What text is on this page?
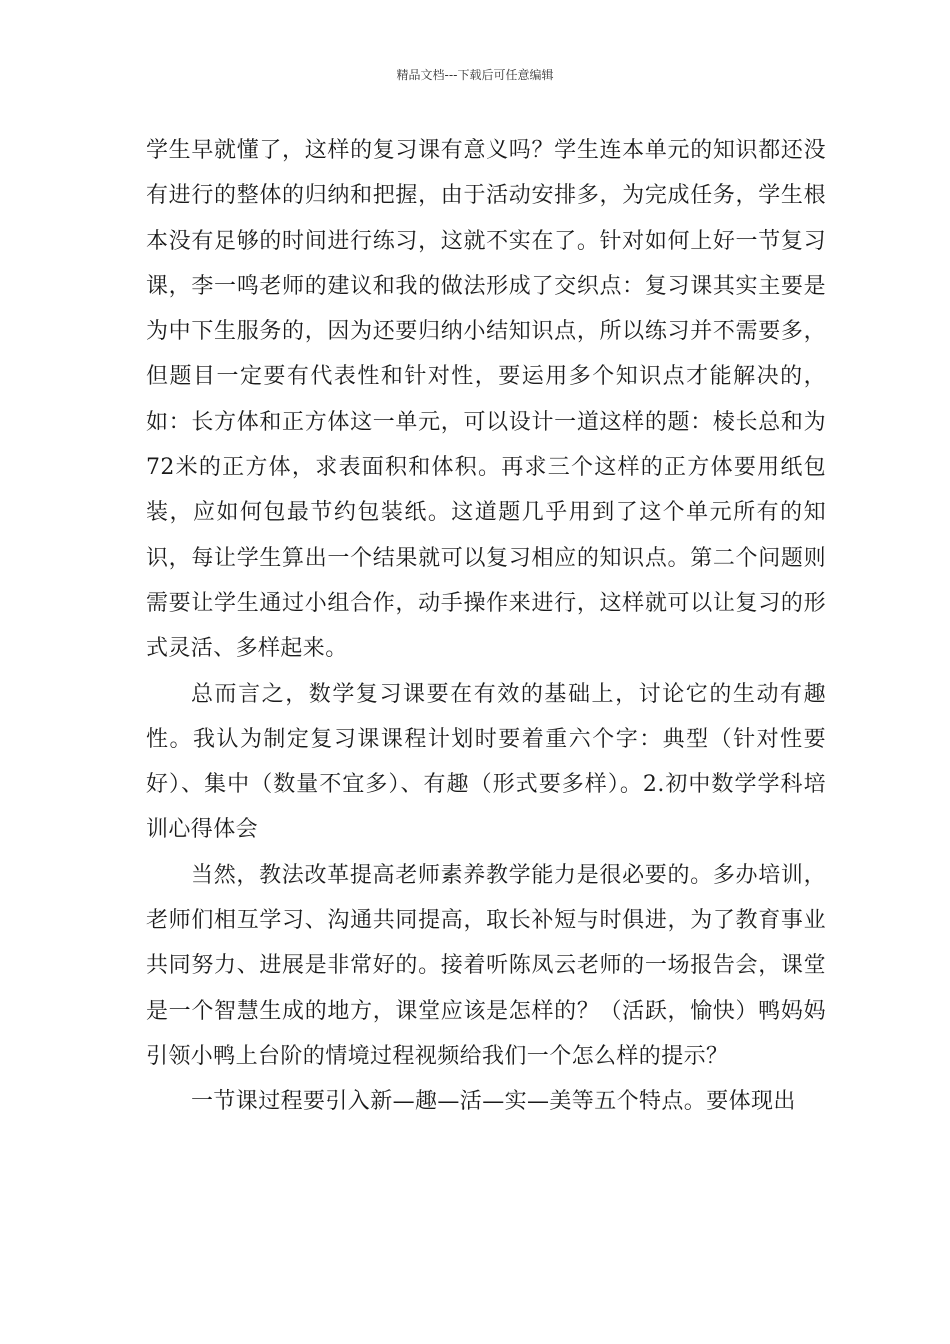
精品文档---下载后可任意编辑

学生早就懂了，这样的复习课有意义吗？学生连本单元的知识都还没有进行的整体的归纳和把握，由于活动安排多，为完成任务，学生根本没有足够的时间进行练习，这就不实在了。针对如何上好一节复习课，李一鸣老师的建议和我的做法形成了交织点：复习课其实主要是为中下生服务的，因为还要归纳小结知识点，所以练习并不需要多，但题目一定要有代表性和针对性，要运用多个知识点才能解决的，如：长方体和正方体这一单元，可以设计一道这样的题：棱长总和为72米的正方体，求表面积和体积。再求三个这样的正方体要用纸包装，应如何包最节约包装纸。这道题几乎用到了这个单元所有的知识，每让学生算出一个结果就可以复习相应的知识点。第二个问题则需要让学生通过小组合作，动手操作来进行，这样就可以让复习的形式灵活、多样起来。

总而言之，数学复习课要在有效的基础上，讨论它的生动有趣性。我认为制定复习课课程计划时要着重六个字：典型（针对性要好）、集中（数量不宜多）、有趣（形式要多样）。2.初中数学学科培训心得体会

当然，教法改革提高老师素养教学能力是很必要的。多办培训，老师们相互学习、沟通共同提高，取长补短与时俱进，为了教育事业共同努力、进展是非常好的。接着听陈凤云老师的一场报告会，课堂是一个智慧生成的地方，课堂应该是怎样的？（活跃，愉快）鸭妈妈引领小鸭上台阶的情境过程视频给我们一个怎么样的提示？

一节课过程要引入新—趣—活—实—美等五个特点。要体现出
